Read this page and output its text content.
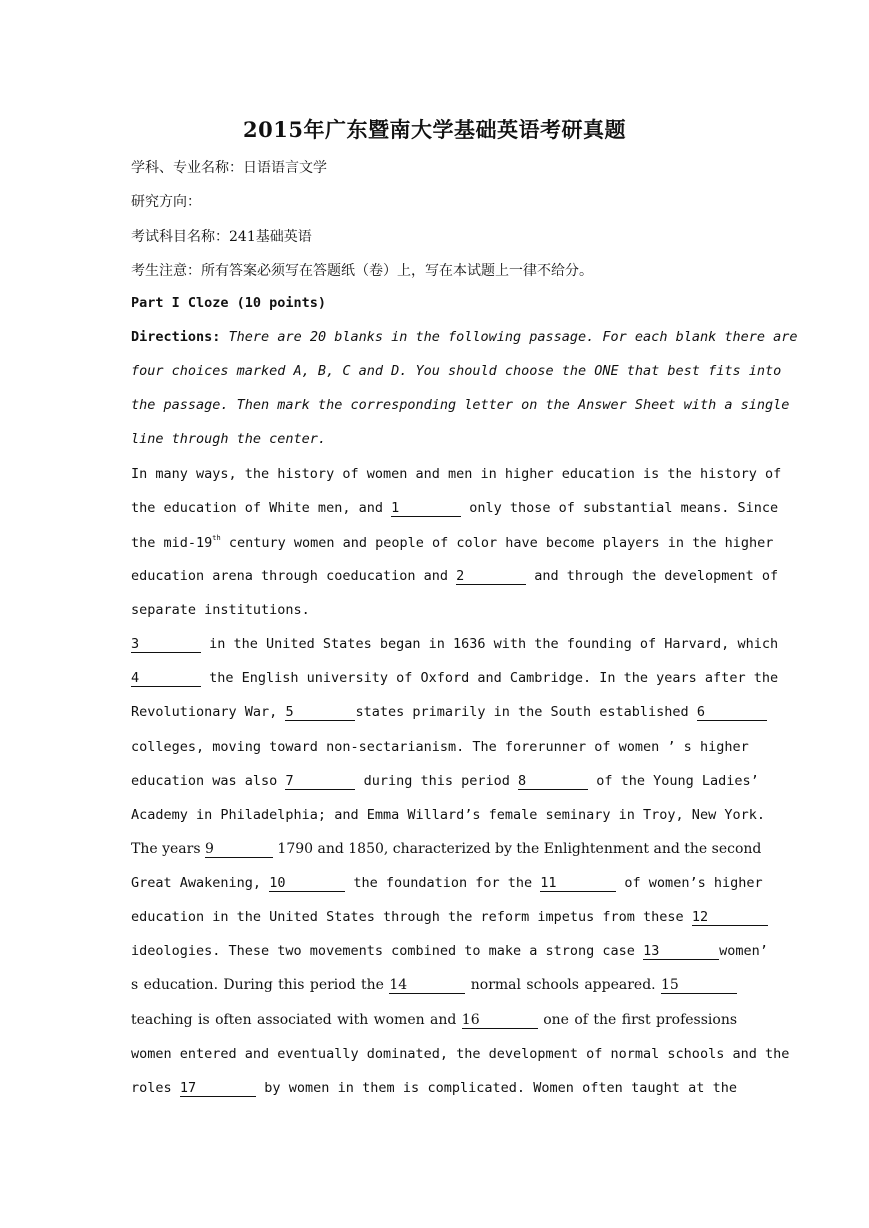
2015年广东暨南大学基础英语考研真题
学科、专业名称：日语语言文学
研究方向：
考试科目名称：241基础英语
考生注意：所有答案必须写在答题纸（卷）上，写在本试题上一律不给分。
Part I Cloze (10 points)
Directions: There are 20 blanks in the following passage. For each blank there are
four choices marked A, B, C and D. You should choose the ONE that best fits into
the passage. Then mark the corresponding letter on the Answer Sheet with a single
line through the center.
In many ways, the history of women and men in higher education is the history of
the education of White men, and 1	only those of substantial means. Since
the mid-19th century women and people of color have become players in the higher
education arena through coeducation and 2	and through the development of
separate institutions.
3	in the United States began in 1636 with the founding of Harvard, which
4	the English university of Oxford and Cambridge. In the years after the
Revolutionary War, 5	states primarily in the South established 6
colleges, moving toward non-sectarianism. The forerunner of women ’ s higher
education was also 7	during this period 8	of the Young Ladies’
Academy in Philadelphia; and Emma Willard’s female seminary in Troy, New York.
The years 9	1790 and 1850, characterized by the Enlightenment and the second
Great Awakening, 10	the foundation for the 11	of women’s higher
education in the United States through the reform impetus from these 12
ideologies. These two movements combined to make a strong case 13	women’
s education. During this period the 14	normal schools appeared. 15
teaching is often associated with women and 16	one of the first professions
women entered and eventually dominated, the development of normal schools and the
roles 17	by women in them is complicated. Women often taught at the
